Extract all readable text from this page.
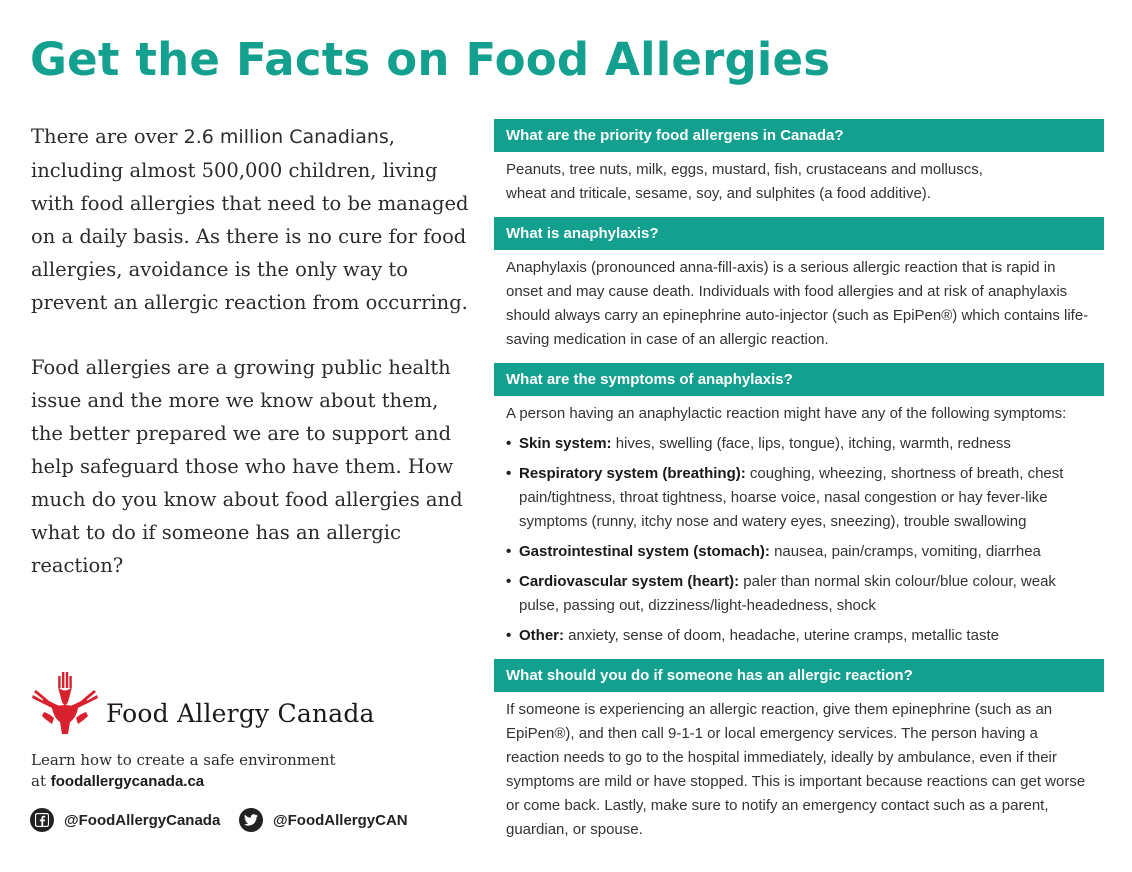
Get the Facts on Food Allergies

There are over 2.6 million Canadians, including almost 500,000 children, living with food allergies that need to be managed on a daily basis. As there is no cure for food allergies, avoidance is the only way to prevent an allergic reaction from occurring.

Food allergies are a growing public health issue and the more we know about them, the better prepared we are to support and help safeguard those who have them. How much do you know about food allergies and what to do if someone has an allergic reaction?

Food Allergy Canada
Learn how to create a safe environment
at foodallergycanada.ca
@FoodAllergyCanada	@FoodAllergyCAN
What are the priority food allergens in Canada?

Peanuts, tree nuts, milk, eggs, mustard, fish, crustaceans and molluscs,

wheat and triticale, sesame, soy, and sulphites (a food additive).

What is anaphylaxis?

Anaphylaxis (pronounced anna-fill-axis) is a serious allergic reaction that is rapid in onset and may cause death. Individuals with food allergies and at risk of anaphylaxis should always carry an epinephrine auto-injector (such as EpiPen®) which contains life-saving medication in case of an allergic reaction.

What are the symptoms of anaphylaxis?

A person having an anaphylactic reaction might have any of the following symptoms:

• Skin system: hives, swelling (face, lips, tongue), itching, warmth, redness
• Respiratory system (breathing): coughing, wheezing, shortness of breath, chest pain/tightness, throat tightness, hoarse voice, nasal congestion or hay fever-like symptoms (runny, itchy nose and watery eyes, sneezing), trouble swallowing
• Gastrointestinal system (stomach): nausea, pain/cramps, vomiting, diarrhea
• Cardiovascular system (heart): paler than normal skin colour/blue colour, weak pulse, passing out, dizziness/light-headedness, shock
• Other: anxiety, sense of doom, headache, uterine cramps, metallic taste
What should you do if someone has an allergic reaction?

If someone is experiencing an allergic reaction, give them epinephrine (such as an EpiPen®), and then call 9-1-1 or local emergency services. The person having a reaction needs to go to the hospital immediately, ideally by ambulance, even if their symptoms are mild or have stopped. This is important because reactions can get worse or come back. Lastly, make sure to notify an emergency contact such as a parent, guardian, or spouse.
